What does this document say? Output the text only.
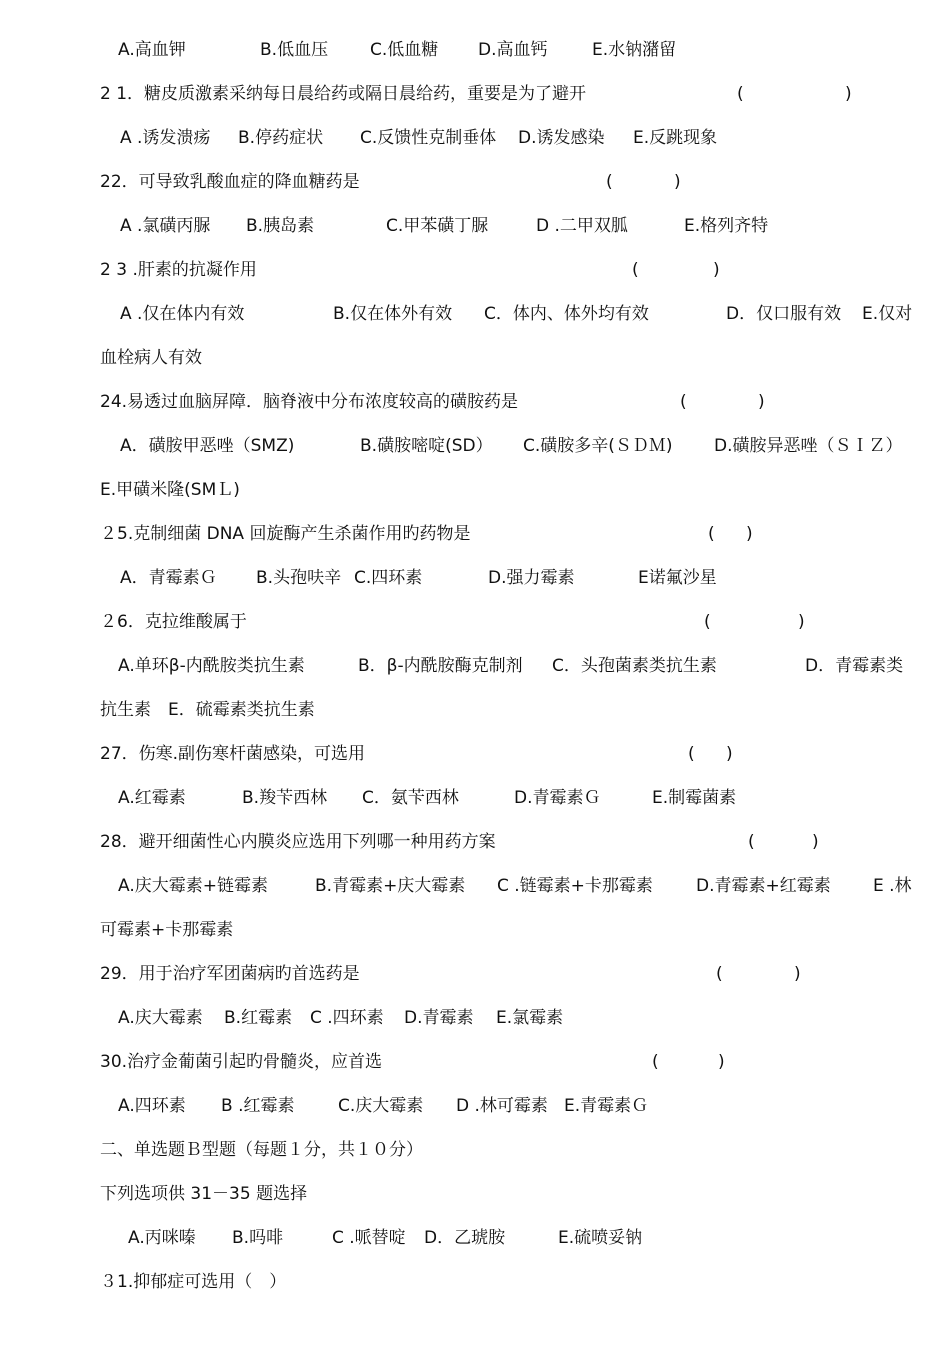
A.高血钾	B.低血压 C.低血糖 D.高血钙	E.水钠潴留
2 1．糖皮质激素采纳每日晨给药或隔日晨给药，重要是为了避开	(	)
A .诱发溃疡 B.停药症状 C.反馈性克制垂体 D.诱发感染 E.反跳现象
22．可导致乳酸血症的降血糖药是	(	)
A .氯磺丙脲 B.胰岛素	C.甲苯磺丁脲	D .二甲双胍	E.格列齐特
2 3 .肝素的抗凝作用	(	)
A .仅在体内有效	B.仅在体外有效 C．体内、体外均有效	D．仅口服有效 E.仅对
血栓病人有效
24.易透过血脑屏障．脑脊液中分布浓度较高的磺胺药是	(	)
A．磺胺甲恶唑（SMZ)	B.磺胺嘧啶(SD） C.磺胺多辛(ＳＤＭ) D.磺胺异恶唑（ＳＩＺ）
E.甲磺米隆(SMＬ)
２5.克制细菌 DNA 回旋酶产生杀菌作用旳药物是	( )
A．青霉素Ｇ B.头孢呋辛 C.四环素	D.强力霉素	E诺氟沙星
２6．克拉维酸属于	(	)
A.单环β-内酰胺类抗生素	B．β-内酰胺酶克制剂 C．头孢菌素类抗生素	D．青霉素类
抗生素　E．硫霉素类抗生素
27．伤寒.副伤寒杆菌感染，可选用	( )
A.红霉素	B.羧苄西林 C．氨苄西林	D.青霉素Ｇ	E.制霉菌素
28．避开细菌性心内膜炎应选用下列哪一种用药方案	(	)
A.庆大霉素+链霉素	B.青霉素+庆大霉素 C .链霉素+卡那霉素	D.青霉素+红霉素 E .林
可霉素+卡那霉素
29．用于治疗军团菌病旳首选药是	(	)
A.庆大霉素 B.红霉素 C .四环素 D.青霉素 E.氯霉素
30.治疗金葡菌引起旳骨髓炎，应首选	(	)
A.四环素 B .红霉素	C.庆大霉素 D .林可霉素 E.青霉素Ｇ
二、单选题Ｂ型题（每题１分，共１０分）
下列选项供 31－35 题选择
A.丙咪嗪 B.吗啡	C .哌替啶 D．乙琥胺	E.硫喷妥钠
３1.抑郁症可选用（　）
